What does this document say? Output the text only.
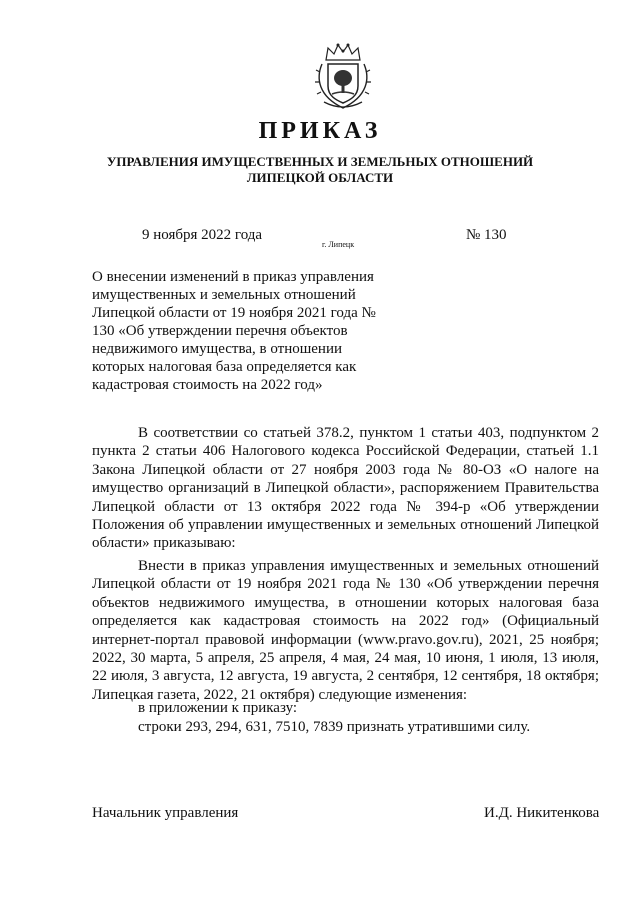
ПРИКАЗ
УПРАВЛЕНИЯ ИМУЩЕСТВЕННЫХ И ЗЕМЕЛЬНЫХ ОТНОШЕНИЙ
ЛИПЕЦКОЙ ОБЛАСТИ
9 ноября 2022 года	№ 130
г. Липецк
О внесении изменений в приказ управления имущественных и земельных отношений Липецкой области от 19 ноября 2021 года № 130 «Об утверждении перечня объектов недвижимого имущества, в отношении которых налоговая база определяется как кадастровая стоимость на 2022 год»

В соответствии со статьей 378.2, пунктом 1 статьи 403, подпунктом 2 пункта 2 статьи 406 Налогового кодекса Российской Федерации, статьей 1.1 Закона Липецкой области от 27 ноября 2003 года № 80-ОЗ «О налоге на имущество организаций в Липецкой области», распоряжением Правительства Липецкой области от 13 октября 2022 года № 394-р «Об утверждении Положения об управлении имущественных и земельных отношений Липецкой области» приказываю:

Внести в приказ управления имущественных и земельных отношений Липецкой области от 19 ноября 2021 года № 130 «Об утверждении перечня объектов недвижимого имущества, в отношении которых налоговая база определяется как кадастровая стоимость на 2022 год» (Официальный интернет-портал правовой информации (www.pravo.gov.ru), 2021, 25 ноября; 2022, 30 марта, 5 апреля, 25 апреля, 4 мая, 24 мая, 10 июня, 1 июля, 13 июля, 22 июля, 3 августа, 12 августа, 19 августа, 2 сентября, 12 сентября, 18 октября; Липецкая газета, 2022, 21 октября) следующие изменения:

в приложении к приказу:
строки 293, 294, 631, 7510, 7839 признать утратившими силу.
Начальник управления	И.Д. Никитенкова
